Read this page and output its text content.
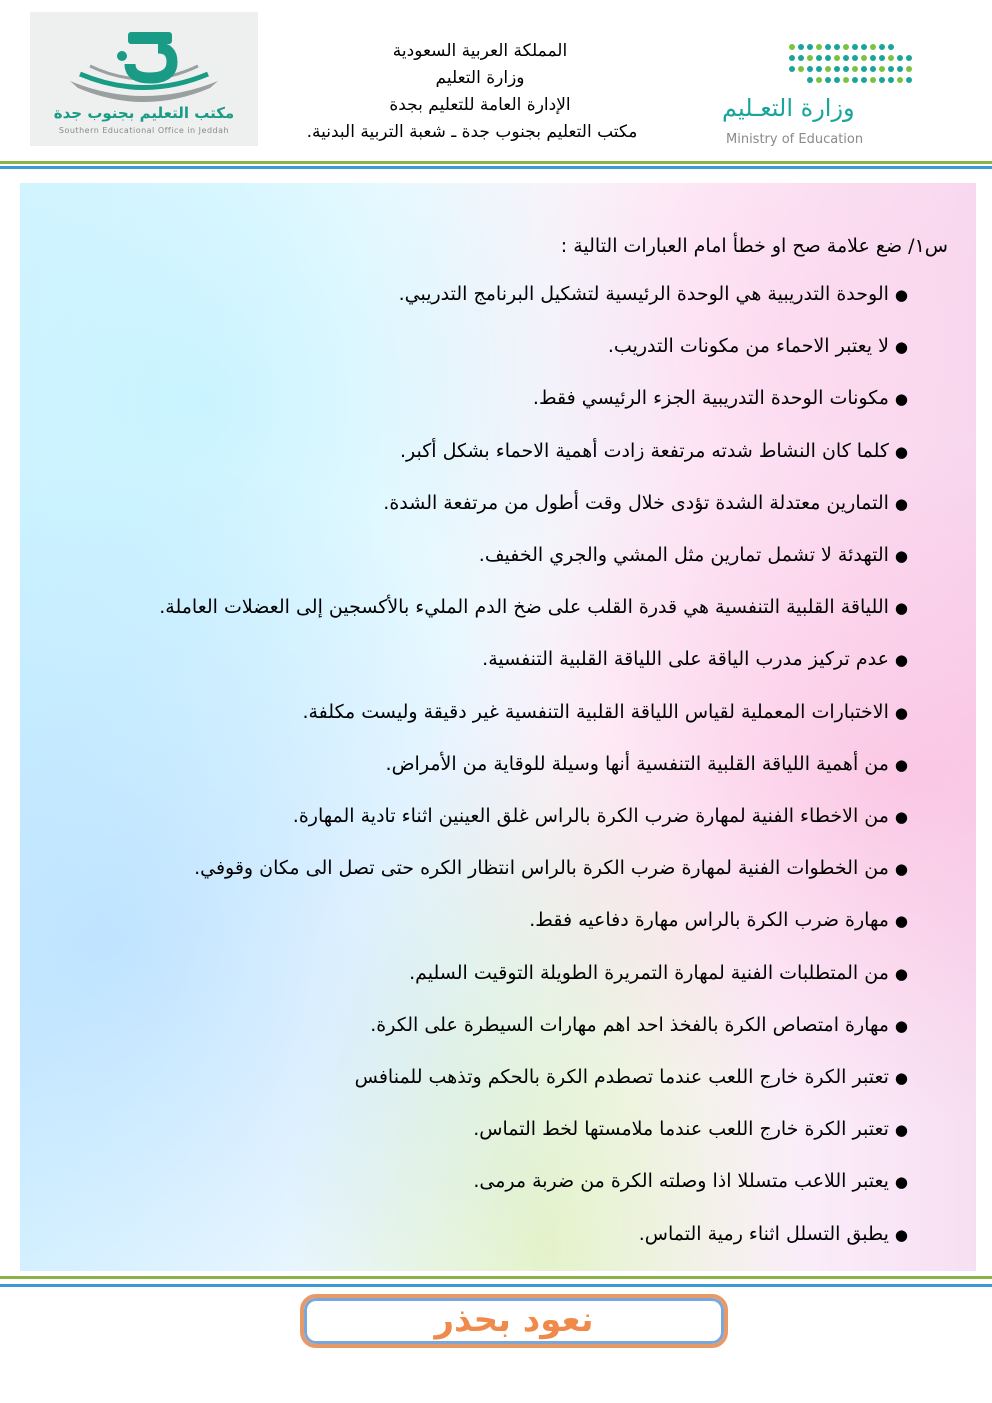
مكتب التعليم بجنوب جدة
Southern Educational Office in Jeddah
المملكة العربية السعودية
وزارة التعليم
الإدارة العامة للتعليم بجدة
مكتب التعليم بجنوب جدة ـ شعبة التربية البدنية.
وزارة التعـليم
Ministry of Education
س١/ ضع علامة صح او خطأ امام العبارات التالية :
●الوحدة التدريبية هي الوحدة الرئيسية لتشكيل البرنامج التدريبي.
●لا يعتبر الاحماء من مكونات التدريب.
●مكونات الوحدة التدريبية الجزء الرئيسي فقط.
●كلما كان النشاط شدته مرتفعة زادت أهمية الاحماء بشكل أكبر.
●التمارين معتدلة الشدة تؤدى خلال وقت أطول من مرتفعة الشدة.
●التهدئة لا تشمل تمارين مثل المشي والجري الخفيف.
●اللياقة القلبية التنفسية هي قدرة القلب على ضخ الدم المليء بالأكسجين إلى العضلات العاملة.
●عدم تركيز مدرب الياقة على اللياقة القلبية التنفسية.
●الاختبارات المعملية لقياس اللياقة القلبية التنفسية غير دقيقة وليست مكلفة.
●من أهمية اللياقة القلبية التنفسية أنها وسيلة للوقاية من الأمراض.
●من الاخطاء الفنية لمهارة ضرب الكرة بالراس غلق العينين اثناء تادية المهارة.
●من الخطوات الفنية لمهارة ضرب الكرة بالراس انتظار الكره حتى تصل الى مكان وقوفي.
●مهارة ضرب الكرة بالراس مهارة دفاعيه فقط.
●من المتطلبات الفنية لمهارة التمريرة الطويلة التوقيت السليم.
●مهارة امتصاص الكرة بالفخذ احد اهم مهارات السيطرة على الكرة.
●تعتبر الكرة خارج اللعب عندما تصطدم الكرة بالحكم وتذهب للمنافس
●تعتبر الكرة خارج اللعب عندما ملامستها لخط التماس.
●يعتبر اللاعب متسللا اذا وصلته الكرة من ضربة مرمى.
●يطبق التسلل اثناء رمية التماس.
نعود بحذر
